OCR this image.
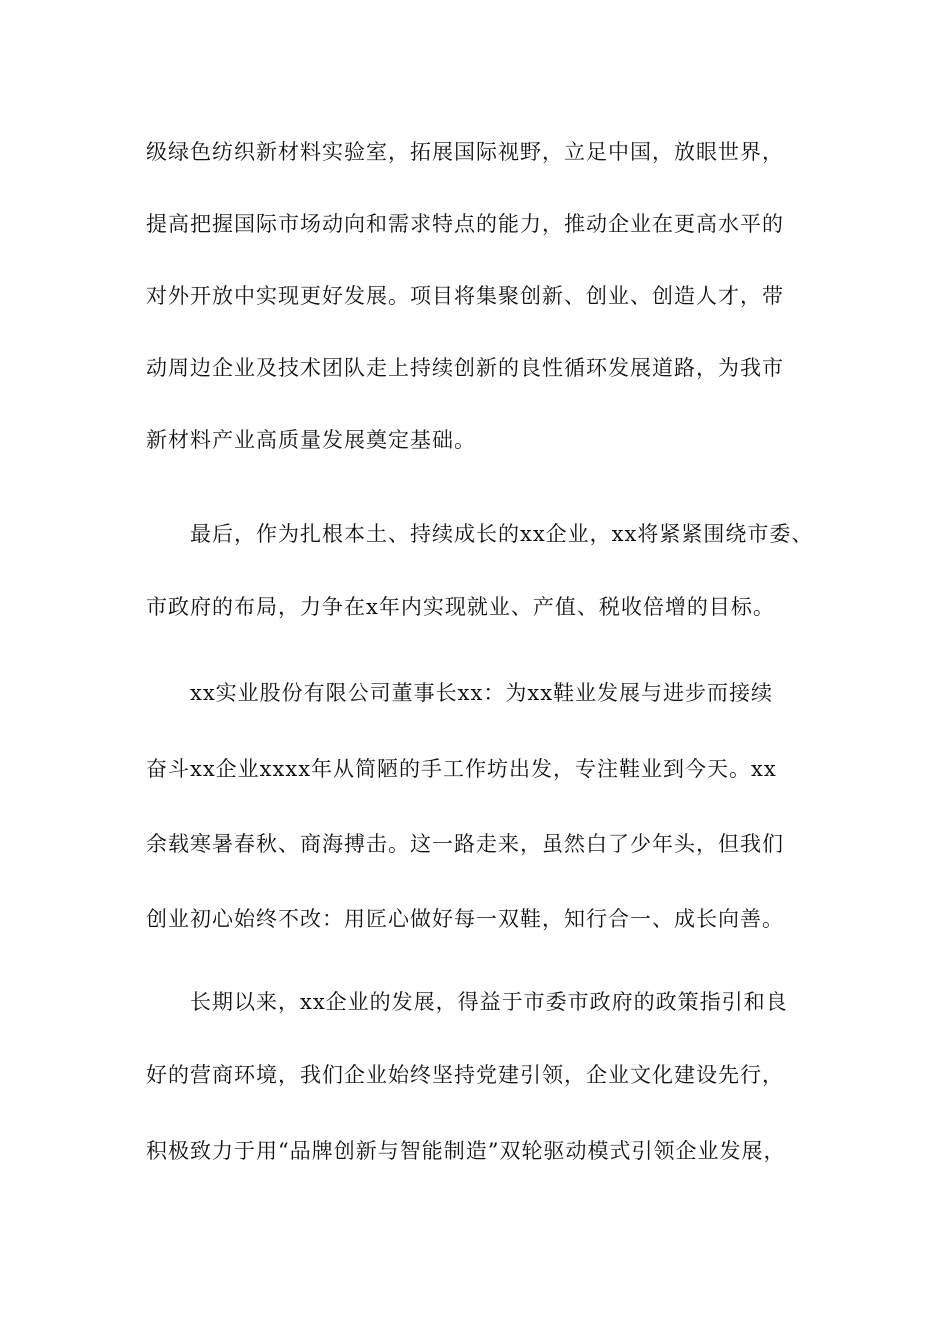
级绿色纺织新材料实验室，拓展国际视野，立足中国，放眼世界，
提高把握国际市场动向和需求特点的能力，推动企业在更高水平的
对外开放中实现更好发展。项目将集聚创新、创业、创造人才，带
动周边企业及技术团队走上持续创新的良性循环发展道路，为我市
新材料产业高质量发展奠定基础。
最后，作为扎根本土、持续成长的xx企业，xx将紧紧围绕市委、
市政府的布局，力争在x年内实现就业、产值、税收倍增的目标。
xx实业股份有限公司董事长xx：为xx鞋业发展与进步而接续
奋斗xx企业xxxx年从简陋的手工作坊出发，专注鞋业到今天。xx
余载寒暑春秋、商海搏击。这一路走来，虽然白了少年头，但我们
创业初心始终不改：用匠心做好每一双鞋，知行合一、成长向善。
长期以来，xx企业的发展，得益于市委市政府的政策指引和良
好的营商环境，我们企业始终坚持党建引领，企业文化建设先行，
积极致力于用“品牌创新与智能制造”双轮驱动模式引领企业发展，
